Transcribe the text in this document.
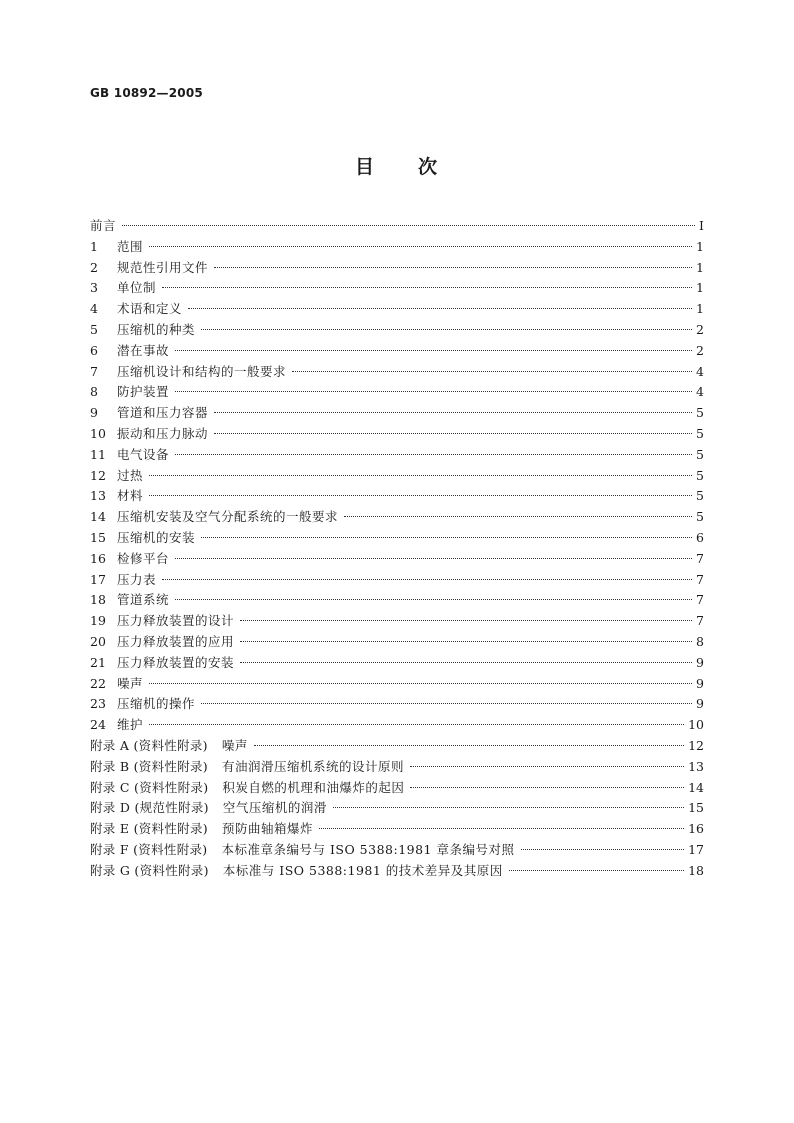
GB 10892—2005

目　　次
前言	I
1	范围	1
2	规范性引用文件	1
3	单位制	1
4	术语和定义	1
5	压缩机的种类	2
6	潜在事故	2
7	压缩机设计和结构的一般要求	4
8	防护装置	4
9	管道和压力容器	5
10 振动和压力脉动	5
11 电气设备	5
12 过热	5
13 材料	5
14 压缩机安装及空气分配系统的一般要求	5
15 压缩机的安装	6
16 检修平台	7
17 压力表	7
18 管道系统	7
19 压力释放装置的设计	7
20 压力释放装置的应用	8
21 压力释放装置的安装	9
22 噪声	9
23 压缩机的操作	9
24 维护	10
附录 A (资料性附录) 噪声	12
附录 B (资料性附录) 有油润滑压缩机系统的设计原则	13
附录 C (资料性附录) 积炭自燃的机理和油爆炸的起因	14
附录 D (规范性附录) 空气压缩机的润滑	15
附录 E (资料性附录) 预防曲轴箱爆炸	16
附录 F (资料性附录) 本标准章条编号与 ISO 5388:1981 章条编号对照	17
附录 G (资料性附录) 本标准与 ISO 5388:1981 的技术差异及其原因	18
